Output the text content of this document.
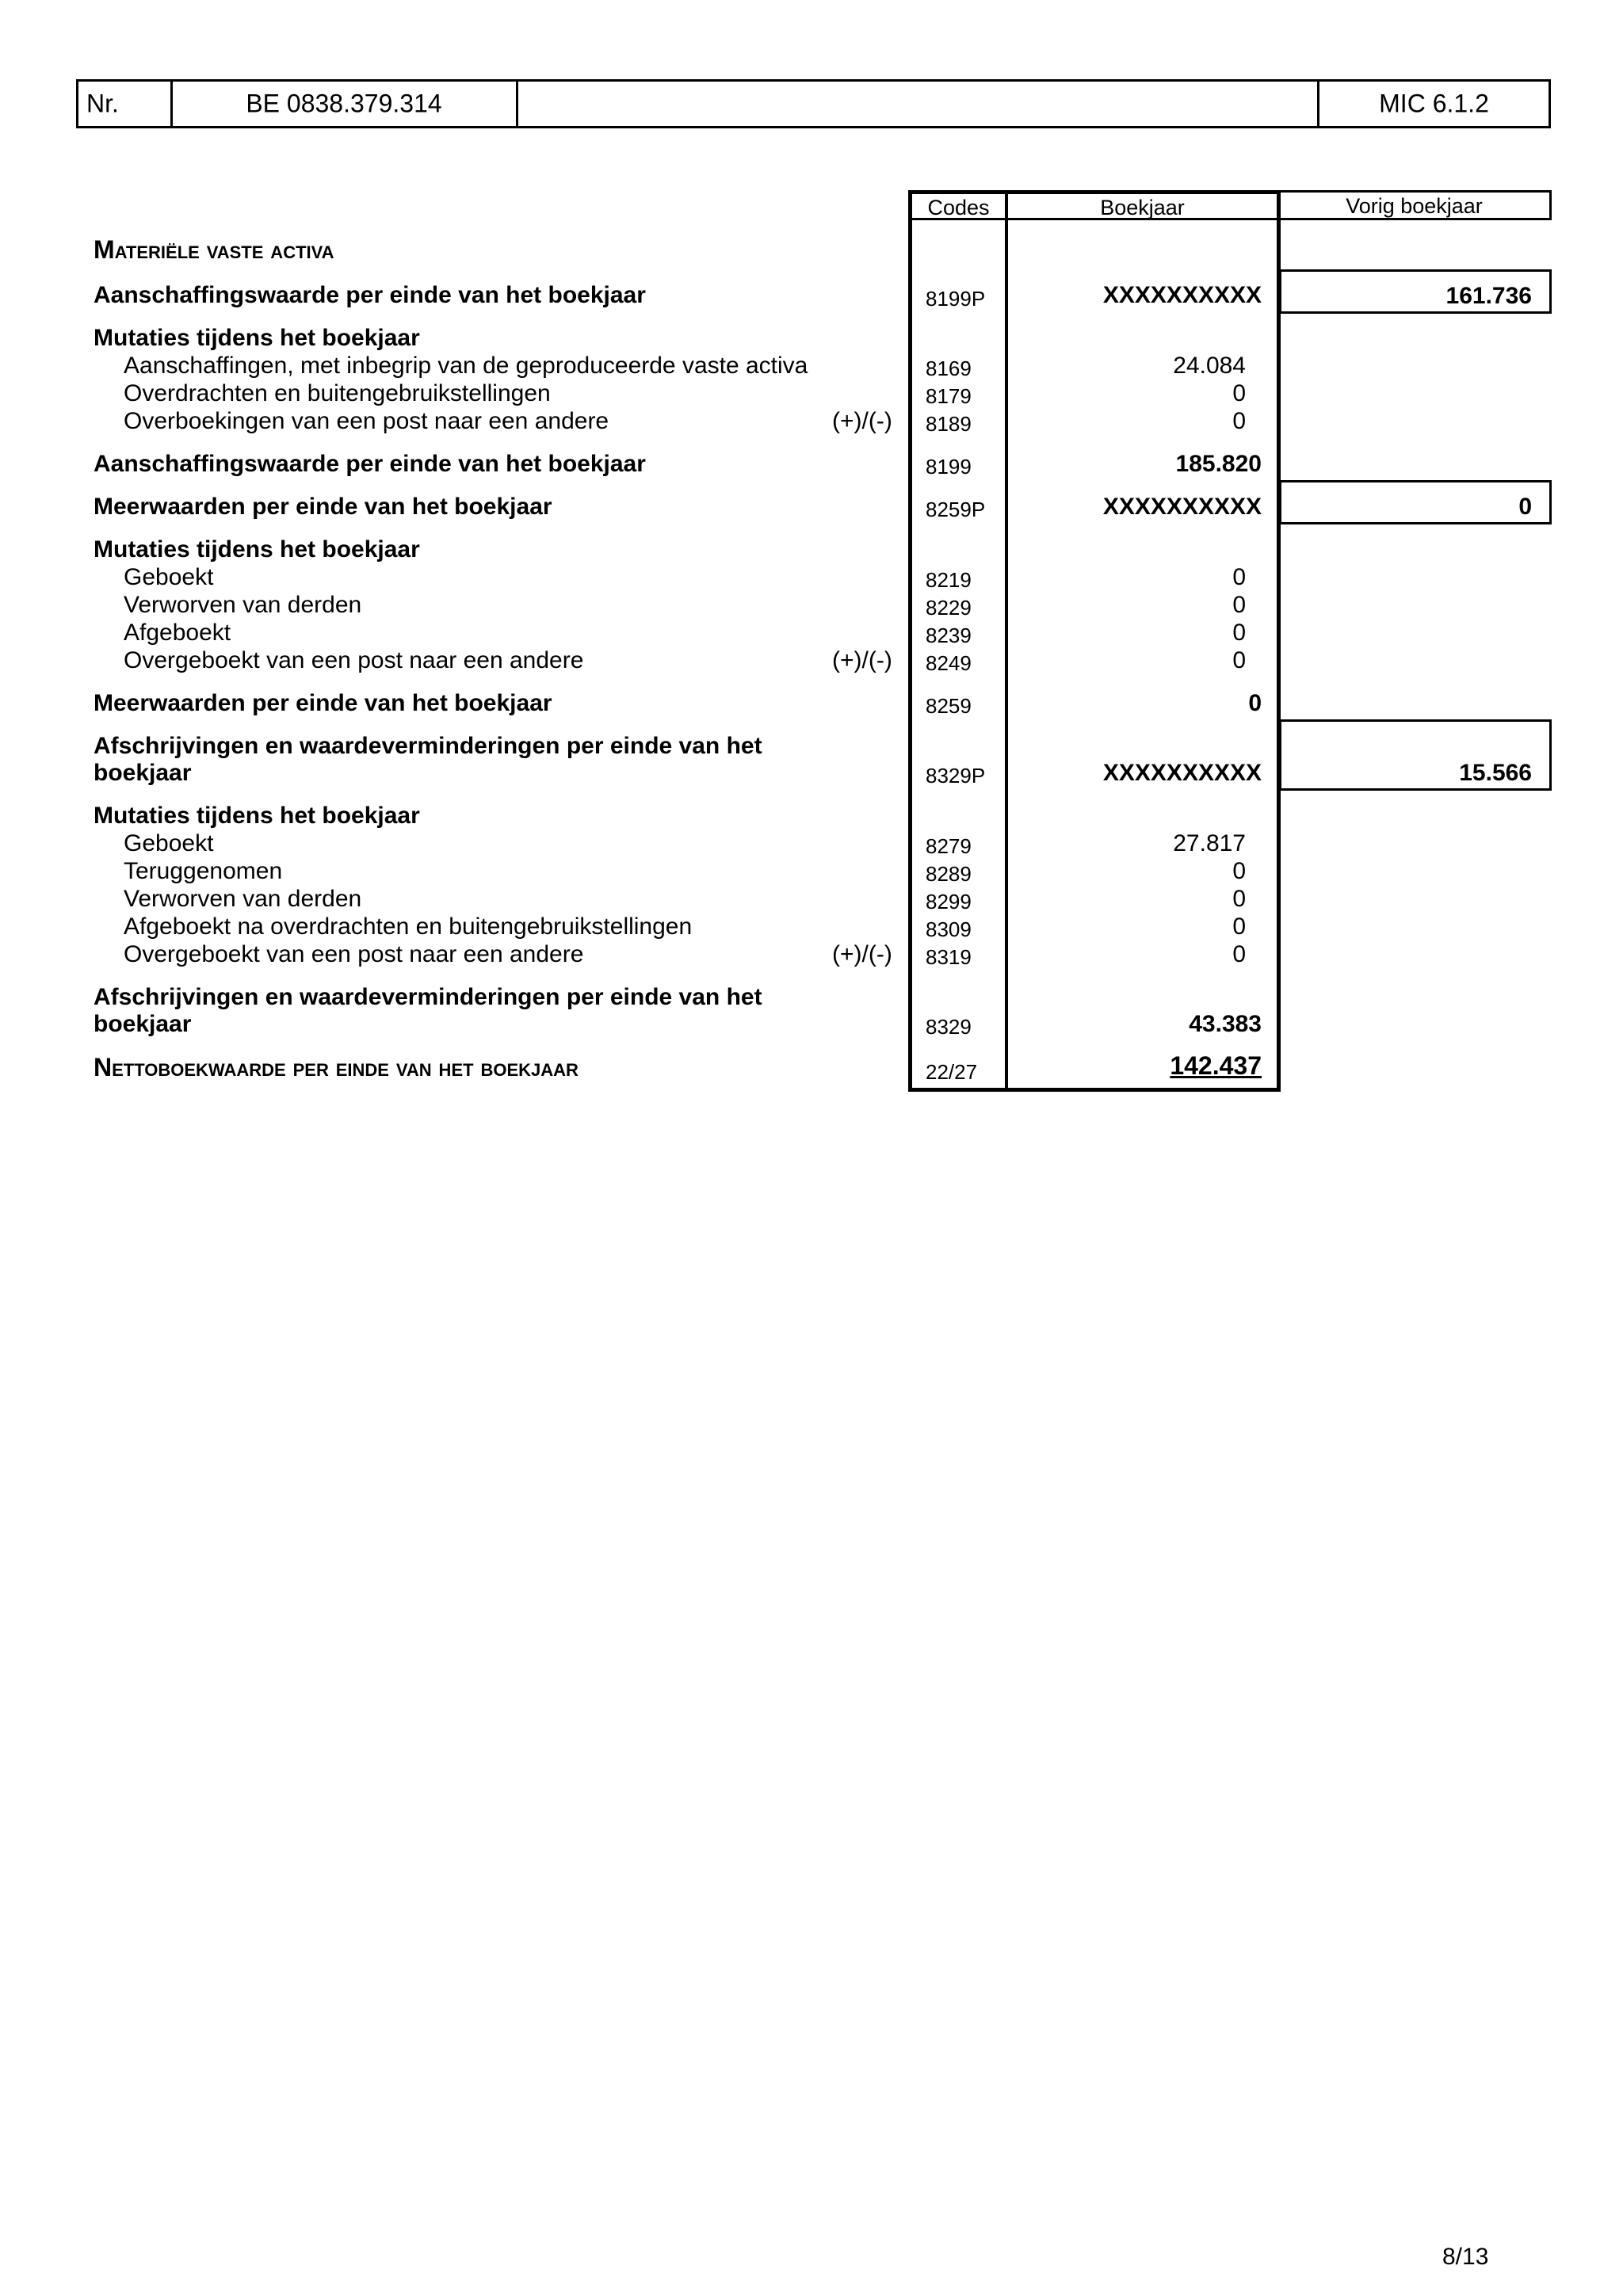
Nr.	BE 0838.379.314	MIC 6.1.2
Codes	Boekjaar	Vorig boekjaar
Materiële vaste activa
Aanschaffingswaarde per einde van het boekjaar	8199P	XXXXXXXXXX	161.736
Mutaties tijdens het boekjaar
Aanschaffingen, met inbegrip van de geproduceerde vaste activa	8169	24.084
Overdrachten en buitengebruikstellingen	8179	0
Overboekingen van een post naar een andere	(+)/(-) 8189	0
Aanschaffingswaarde per einde van het boekjaar	8199	185.820
Meerwaarden per einde van het boekjaar	8259P	XXXXXXXXXX	0
Mutaties tijdens het boekjaar
Geboekt	8219	0
Verworven van derden	8229	0
Afgeboekt	8239	0
Overgeboekt van een post naar een andere	(+)/(-) 8249	0
Meerwaarden per einde van het boekjaar	8259	0
Afschrijvingen en waardeverminderingen per einde van het
boekjaar	8329P	XXXXXXXXXX	15.566
Mutaties tijdens het boekjaar
Geboekt	8279	27.817
Teruggenomen	8289	0
Verworven van derden	8299	0
Afgeboekt na overdrachten en buitengebruikstellingen	8309	0
Overgeboekt van een post naar een andere	(+)/(-) 8319	0
Afschrijvingen en waardeverminderingen per einde van het
boekjaar	8329	43.383
Nettoboekwaarde per einde van het boekjaar	22/27	142.437
8/13
